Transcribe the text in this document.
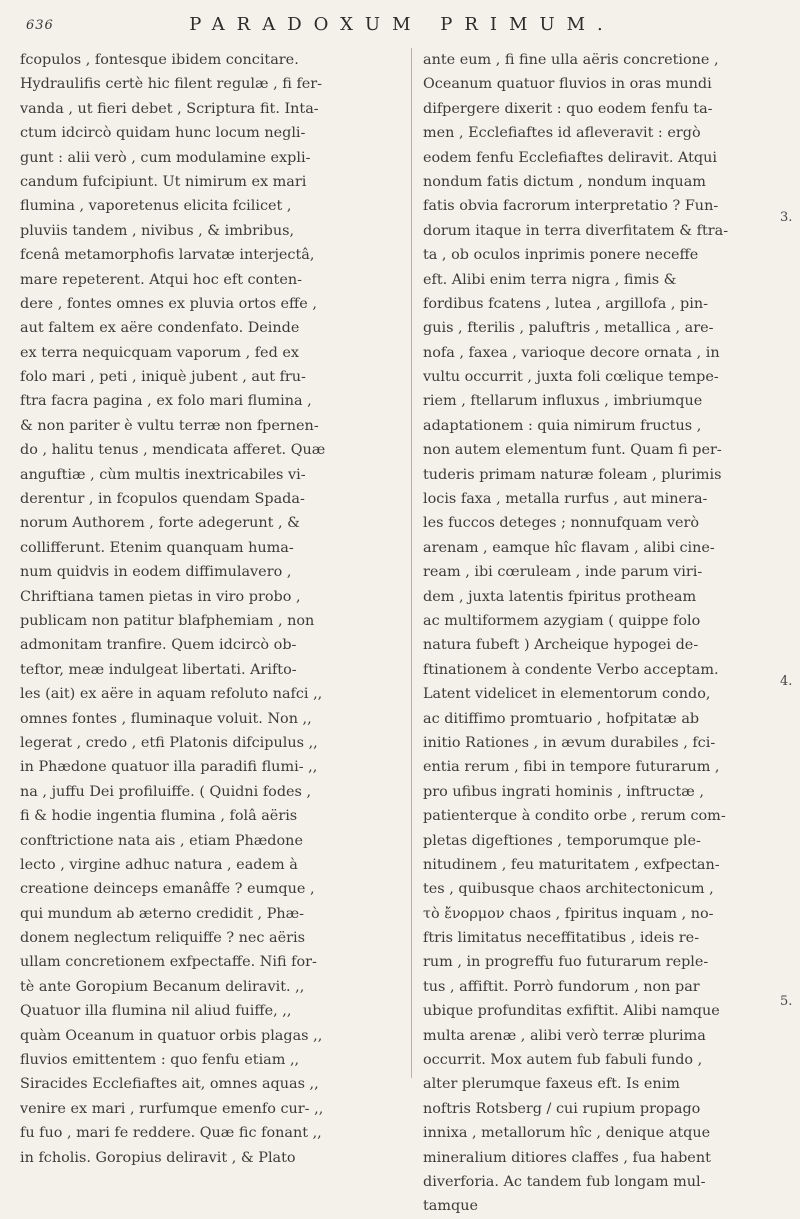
636	PARADOXUM PRIMUM.
fcopulos , fontesque ibidem concitare.
Hydraulifis certè hic filent regulæ , fi fer-
vanda , ut fieri debet , Scriptura fit. Inta-
ctum idcircò quidam hunc locum negli-
gunt : alii verò , cum modulamine expli-
candum fufcipiunt. Ut nimirum ex mari
flumina , vaporetenus elicita fcilicet ,
pluviis tandem , nivibus , & imbribus,
fcenâ metamorphofis larvatæ interjectâ,
mare repeterent. Atqui hoc eft conten-
dere , fontes omnes ex pluvia ortos effe ,
aut faltem ex aëre condenfato. Deinde
ex terra nequicquam vaporum , fed ex
folo mari , peti , iniquè jubent , aut fru-
ftra facra pagina , ex folo mari flumina ,
& non pariter è vultu terræ non fpernen-
do , halitu tenus , mendicata afferet. Quæ
anguftiæ , cùm multis inextricabiles vi-
derentur , in fcopulos quendam Spada-
norum Authorem , forte adegerunt , &
collifferunt. Etenim quanquam huma-
num quidvis in eodem diffimulavero ,
Chriftiana tamen pietas in viro probo ,
publicam non patitur blafphemiam , non
admonitam tranfire. Quem idcircò ob-
teftor, meæ indulgeat libertati. Arifto-
les (ait) ex aëre in aquam refoluto nafci ,,
omnes fontes , fluminaque voluit. Non ,,
legerat , credo , etfi Platonis difcipulus ,,
in Phædone quatuor illa paradifi flumi- ,,
na , juffu Dei profiluiffe. ( Quidni fodes ,
fi & hodie ingentia flumina , folâ aëris
conftrictione nata ais , etiam Phædone
lecto , virgine adhuc natura , eadem à
creatione deinceps emanâffe ? eumque ,
qui mundum ab æterno credidit , Phæ-
donem neglectum reliquiffe ? nec aëris
ullam concretionem exfpectaffe. Nifi for-
tè ante Goropium Becanum deliravit. ,,
Quatuor illa flumina nil aliud fuiffe, ,,
quàm Oceanum in quatuor orbis plagas ,,
fluvios emittentem : quo fenfu etiam ,,
Siracides Ecclefiaftes ait, omnes aquas ,,
venire ex mari , rurfumque emenfo cur- ,,
fu fuo , mari fe reddere. Quæ fic fonant ,,
in fcholis. Goropius deliravit , & Plato
ante eum , fi fine ulla aëris concretione ,
Oceanum quatuor fluvios in oras mundi
difpergere dixerit : quo eodem fenfu ta-
men , Ecclefiaftes id afleveravit : ergò
eodem fenfu Ecclefiaftes deliravit. Atqui
nondum fatis dictum , nondum inquam
fatis obvia facrorum interpretatio ? Fun-
dorum itaque in terra diverfitatem & ftra-
ta , ob oculos inprimis ponere neceffe
eft. Alibi enim terra nigra , fimis &
fordibus fcatens , lutea , argillofa , pin-
guis , fterilis , paluftris , metallica , are-
nofa , faxea , varioque decore ornata , in
vultu occurrit , juxta foli cœlique tempe-
riem , ftellarum influxus , imbriumque
adaptationem : quia nimirum fructus ,
non autem elementum funt. Quam fi per-
tuderis primam naturæ foleam , plurimis
locis faxa , metalla rurfus , aut minera-
les fuccos deteges ; nonnufquam verò
arenam , eamque hîc flavam , alibi cine-
ream , ibi cœruleam , inde parum viri-
dem , juxta latentis fpiritus protheam
ac multiformem azygiam ( quippe folo
natura fubeft ) Archeique hypogei de-
ftinationem à condente Verbo acceptam.
Latent videlicet in elementorum condo,
ac ditiffimo promtuario , hofpitatæ ab
initio Rationes , in ævum durabiles , fci-
entia rerum , fibi in tempore futurarum ,
pro ufibus ingrati hominis , inftructæ ,
patienterque à condito orbe , rerum com-
pletas digeftiones , temporumque ple-
nitudinem , feu maturitatem , exfpectan-
tes , quibusque chaos architectonicum ,
τὸ ἔνορμον chaos , fpiritus inquam , no-
ftris limitatus neceffitatibus , ideis re-
rum , in progreffu fuo futurarum reple-
tus , affiftit. Porrò fundorum , non par
ubique profunditas exfiftit. Alibi namque
multa arenæ , alibi verò terræ plurima
occurrit. Mox autem fub fabuli fundo ,
alter plerumque faxeus eft. Is enim
noftris Rotsberg / cui rupium propago
innixa , metallorum hîc , denique atque
mineralium ditiores claffes , fua habent
diverforia. Ac tandem fub longam mul-
tamque
3.
4.
5.
